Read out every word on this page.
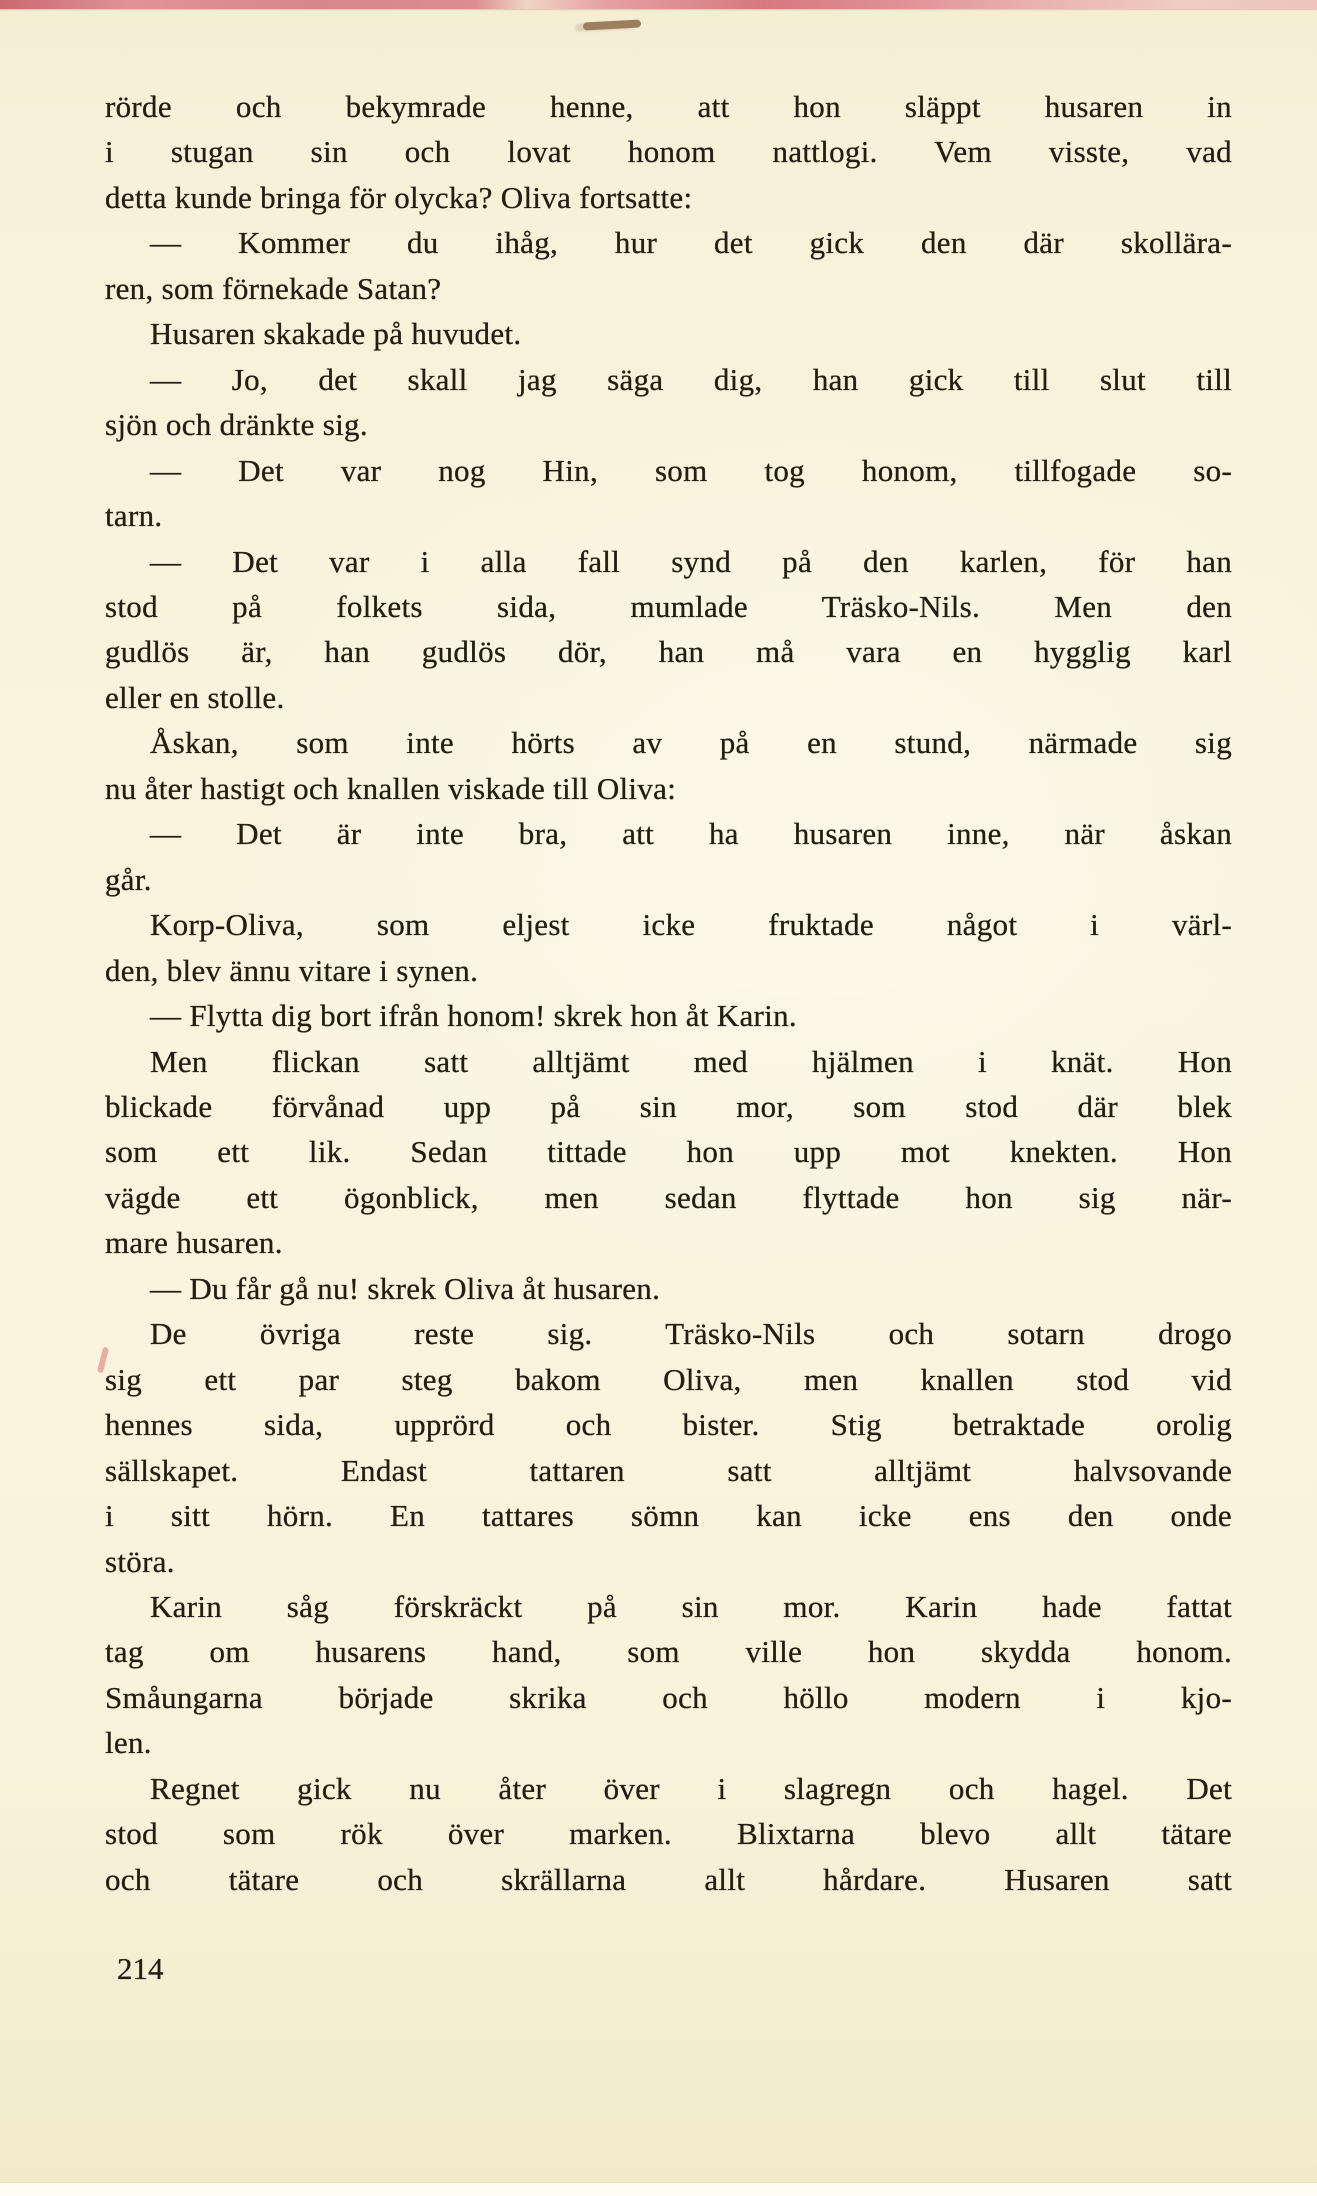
rörde och bekymrade henne, att hon släppt husaren in
i stugan sin och lovat honom nattlogi. Vem visste, vad
detta kunde bringa för olycka? Oliva fortsatte:
— Kommer du ihåg, hur det gick den där skollära-
ren, som förnekade Satan?
Husaren skakade på huvudet.
— Jo, det skall jag säga dig, han gick till slut till
sjön och dränkte sig.
— Det var nog Hin, som tog honom, tillfogade so-
tarn.
— Det var i alla fall synd på den karlen, för han
stod på folkets sida, mumlade Träsko-Nils. Men den
gudlös är, han gudlös dör, han må vara en hygglig karl
eller en stolle.
Åskan, som inte hörts av på en stund, närmade sig
nu åter hastigt och knallen viskade till Oliva:
— Det är inte bra, att ha husaren inne, när åskan
går.
Korp-Oliva, som eljest icke fruktade något i värl-
den, blev ännu vitare i synen.
— Flytta dig bort ifrån honom! skrek hon åt Karin.
Men flickan satt alltjämt med hjälmen i knät. Hon
blickade förvånad upp på sin mor, som stod där blek
som ett lik. Sedan tittade hon upp mot knekten. Hon
vägde ett ögonblick, men sedan flyttade hon sig när-
mare husaren.
— Du får gå nu! skrek Oliva åt husaren.
De övriga reste sig. Träsko-Nils och sotarn drogo
sig ett par steg bakom Oliva, men knallen stod vid
hennes sida, upprörd och bister. Stig betraktade orolig
sällskapet. Endast tattaren satt alltjämt halvsovande
i sitt hörn. En tattares sömn kan icke ens den onde
störa.
Karin såg förskräckt på sin mor. Karin hade fattat
tag om husarens hand, som ville hon skydda honom.
Småungarna började skrika och höllo modern i kjo-
len.
Regnet gick nu åter över i slagregn och hagel. Det
stod som rök över marken. Blixtarna blevo allt tätare
och tätare och skrällarna allt hårdare. Husaren satt
214
